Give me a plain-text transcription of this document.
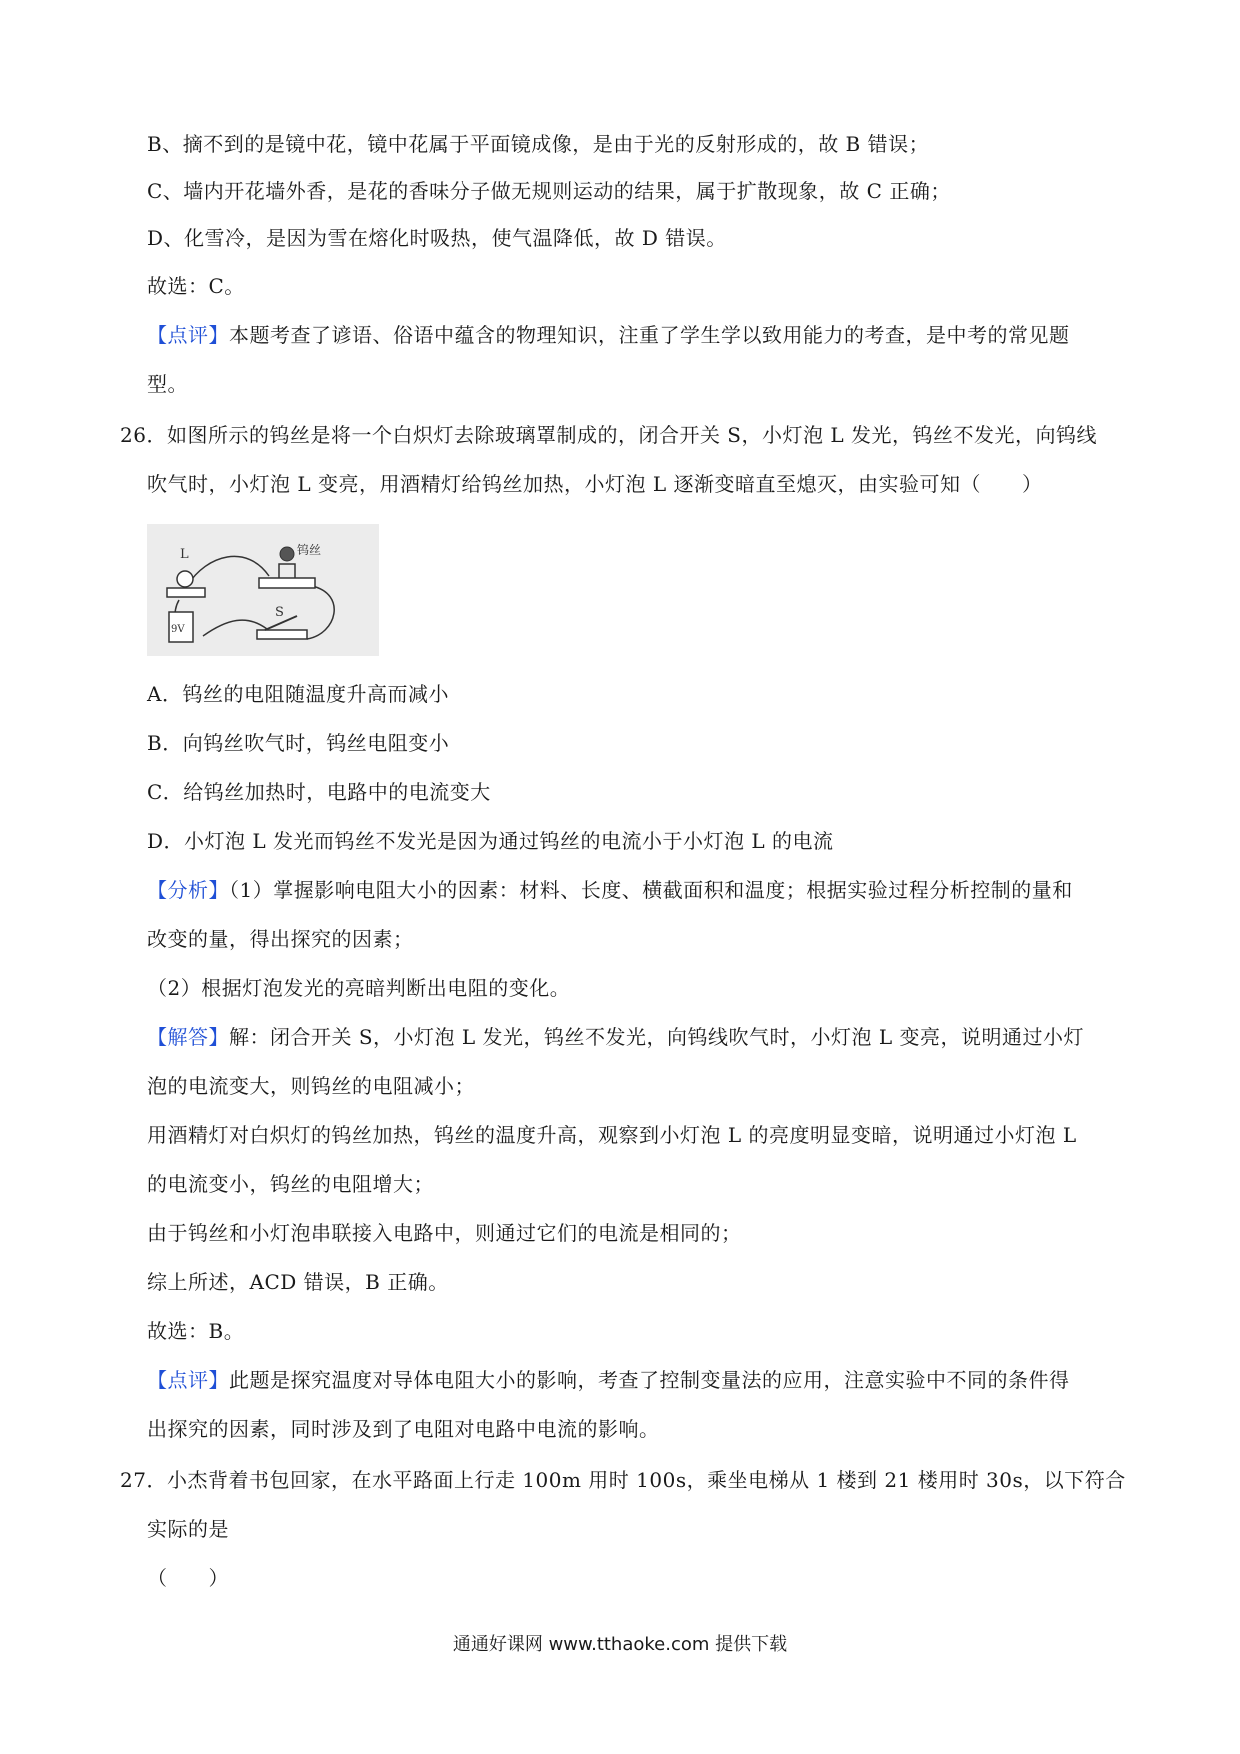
B、摘不到的是镜中花，镜中花属于平面镜成像，是由于光的反射形成的，故 B 错误；
C、墙内开花墙外香，是花的香味分子做无规则运动的结果，属于扩散现象，故 C 正确；
D、化雪冷，是因为雪在熔化时吸热，使气温降低，故 D 错误。
故选：C。
【点评】本题考查了谚语、俗语中蕴含的物理知识，注重了学生学以致用能力的考查，是中考的常见题
型。
26．如图所示的钨丝是将一个白炽灯去除玻璃罩制成的，闭合开关 S，小灯泡 L 发光，钨丝不发光，向钨线
吹气时，小灯泡 L 变亮，用酒精灯给钨丝加热，小灯泡 L 逐渐变暗直至熄灭，由实验可知（　　）
L	钨丝
9V
S
A．钨丝的电阻随温度升高而减小
B．向钨丝吹气时，钨丝电阻变小
C．给钨丝加热时，电路中的电流变大
D．小灯泡 L 发光而钨丝不发光是因为通过钨丝的电流小于小灯泡 L 的电流
【分析】（1）掌握影响电阻大小的因素：材料、长度、横截面积和温度；根据实验过程分析控制的量和
改变的量，得出探究的因素；
（2）根据灯泡发光的亮暗判断出电阻的变化。
【解答】解：闭合开关 S，小灯泡 L 发光，钨丝不发光，向钨线吹气时，小灯泡 L 变亮，说明通过小灯
泡的电流变大，则钨丝的电阻减小；
用酒精灯对白炽灯的钨丝加热，钨丝的温度升高，观察到小灯泡 L 的亮度明显变暗，说明通过小灯泡 L
的电流变小，钨丝的电阻增大；
由于钨丝和小灯泡串联接入电路中，则通过它们的电流是相同的；
综上所述，ACD 错误，B 正确。
故选：B。
【点评】此题是探究温度对导体电阻大小的影响，考查了控制变量法的应用，注意实验中不同的条件得
出探究的因素，同时涉及到了电阻对电路中电流的影响。
27．小杰背着书包回家，在水平路面上行走 100m 用时 100s，乘坐电梯从 1 楼到 21 楼用时 30s，以下符合
实际的是
（　　）
通通好课网 www.tthaoke.com 提供下载
